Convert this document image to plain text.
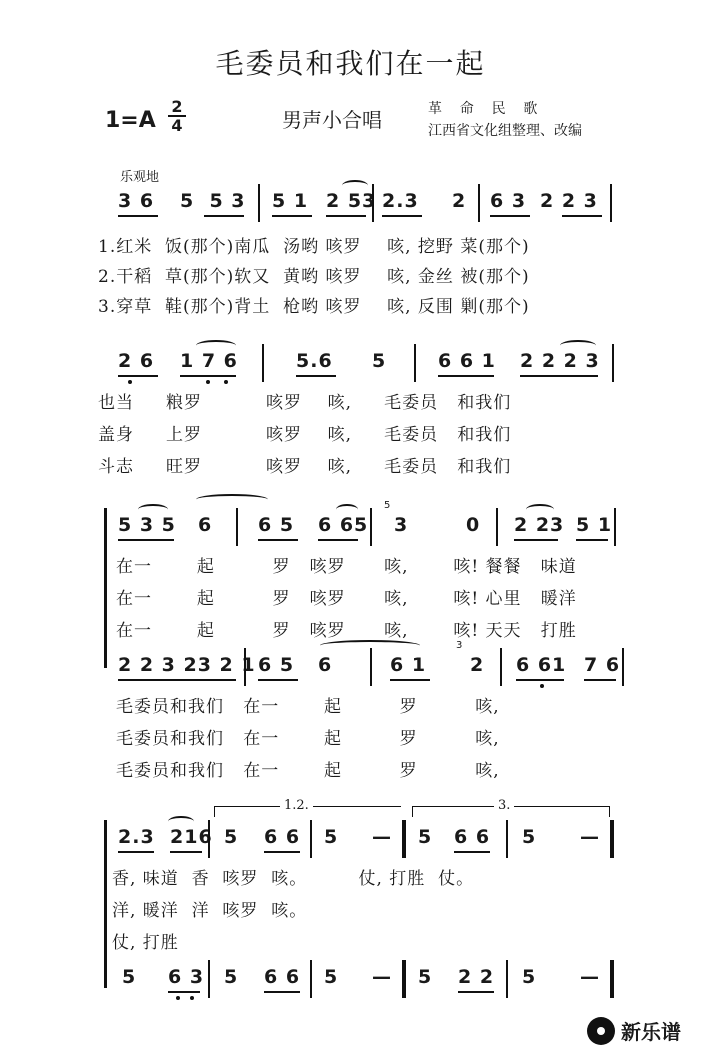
毛委员和我们在一起
1=A
2
4	男声小合唱	革    命    民    歌
江西省文化组整理、改编
乐观地
3 6 5  5 3 5 1 2 53 2.3 2 6 3 2 2 3
1.红米  饭(那个)南瓜  汤哟 咳罗    咳, 挖野 菜(那个)
2.干稻  草(那个)软又  黄哟 咳罗    咳, 金丝 被(那个)
3.穿草  鞋(那个)背土  枪哟 咳罗    咳, 反围 剿(那个)
2 6 1 7 6	5.6 5	6 6 1 2 2 2 3
也当     粮罗          咳罗    咳,     毛委员   和我们
盖身     上罗          咳罗    咳,     毛委员   和我们
斗志     旺罗          咳罗    咳,     毛委员   和我们
5 3 5 6 6 5 6 65 3	0 2 23 5 1
5
在一       起         罗   咳罗      咳,       咳! 餐餐   味道
在一       起         罗   咳罗      咳,       咳! 心里   暖洋
在一       起         罗   咳罗      咳,       咳! 天天   打胜
2 2 3 23 2 1 6 5 6	6 1 2 6 61 7 6
3
毛委员和我们   在一       起         罗         咳,
毛委员和我们   在一       起         罗         咳,
毛委员和我们   在一       起         罗         咳,
1.2.	3.
2.3 216 5 6 6 5 — 5 6 6 5 —
香, 味道  香  咳罗  咳。        仗, 打胜  仗。
洋, 暖洋  洋  咳罗  咳。
仗, 打胜
5 6 3 5 6 6 5 — 5 2 2 5 —
新乐谱
